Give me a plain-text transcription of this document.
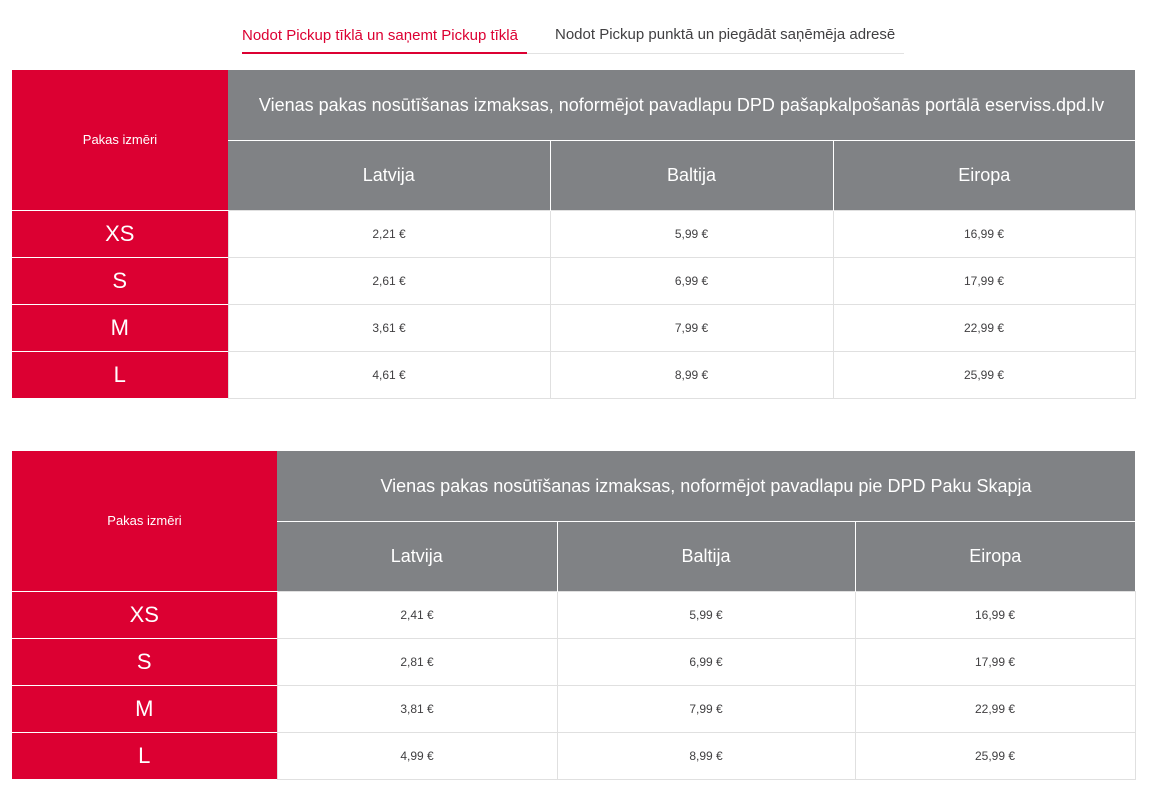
Nodot Pickup tīklā un saņemt Pickup tīklā	Nodot Pickup punktā un piegādāt saņēmēja adresē
Pakas izmēri	Vienas pakas nosūtīšanas izmaksas, noformējot pavadlapu DPD pašapkalpošanās portālā eserviss.dpd.lv		
	Latvija	Baltija	Eiropa
XS	2,21 €	5,99 €	16,99 €
S	2,61 €	6,99 €	17,99 €
M	3,61 €	7,99 €	22,99 €
L	4,61 €	8,99 €	25,99 €
Pakas izmēri	Vienas pakas nosūtīšanas izmaksas, noformējot pavadlapu pie DPD Paku Skapja		
	Latvija	Baltija	Eiropa
XS	2,41 €	5,99 €	16,99 €
S	2,81 €	6,99 €	17,99 €
M	3,81 €	7,99 €	22,99 €
L	4,99 €	8,99 €	25,99 €
